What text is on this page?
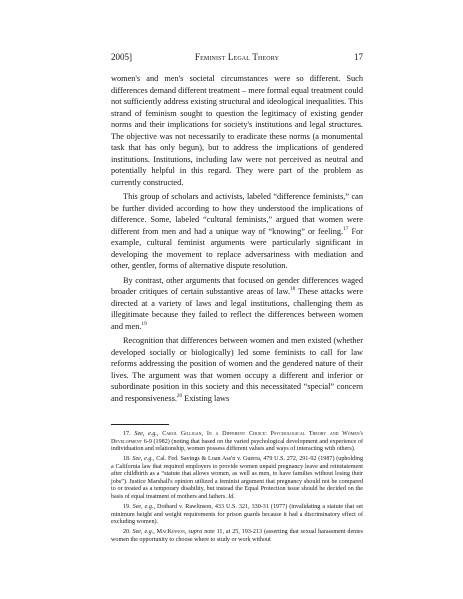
2005]	Feminist Legal Theory	17

women's and men's societal circumstances were so different. Such differences demand different treatment – mere formal equal treatment could not sufficiently address existing structural and ideological inequalities. This strand of feminism sought to question the legitimacy of existing gender norms and their implications for society's institutions and legal structures. The objective was not necessarily to eradicate these norms (a monumental task that has only begun), but to address the implications of gendered institutions. Institutions, including law were not perceived as neutral and potentially helpful in this regard. They were part of the problem as currently constructed.

This group of scholars and activists, labeled “difference feminists,” can be further divided according to how they understood the implications of difference. Some, labeled “cultural feminists,” argued that women were different from men and had a unique way of “knowing” or feeling.$^{17}$ For example, cultural feminist arguments were particularly significant in developing the movement to replace adversariness with mediation and other, gentler, forms of alternative dispute resolution.

By contrast, other arguments that focused on gender differences waged broader critiques of certain substantive areas of law.$^{18}$ These attacks were directed at a variety of laws and legal institutions, challenging them as illegitimate because they failed to reflect the differences between women and men.$^{19}$

Recognition that differences between women and men existed (whether developed socially or biologically) led some feminists to call for law reforms addressing the position of women and the gendered nature of their lives. The argument was that women occupy a different and inferior or subordinate position in this society and this necessitated “special” concern and responsiveness.$^{20}$ Existing laws

17. See, e.g., Carol Gilligan, In a Different Choice: Psychological Theory and Women's Development 6-9 (1982) (noting that based on the varied psychological development and experience of individuation and relationship, women possess different values and ways of interacting with others).

18. See, e.g., Cal. Fed. Savings & Loan Ass'n v. Guerra, 479 U.S. 272, 291-92 (1987) (upholding a California law that required employers to provide women unpaid pregnancy leave and reinstatement after childbirth as a “statute that allows women, as well as men, to have families without losing their jobs”). Justice Marshall's opinion utilized a feminist argument that pregnancy should not be compared to or treated as a temporary disability, but instead the Equal Protection issue should be decided on the basis of equal treatment of mothers and fathers. Id.

19. See, e.g., Dothard v. Rawlinson, 433 U.S. 321, 330-31 (1977) (invalidating a statute that set minimum height and weight requirements for prison guards because it had a discriminatory effect of excluding women).

20. See, e.g., MacKinnon, supra note 11, at 25, 193-213 (asserting that sexual harassment denies women the opportunity to choose where to study or work without
